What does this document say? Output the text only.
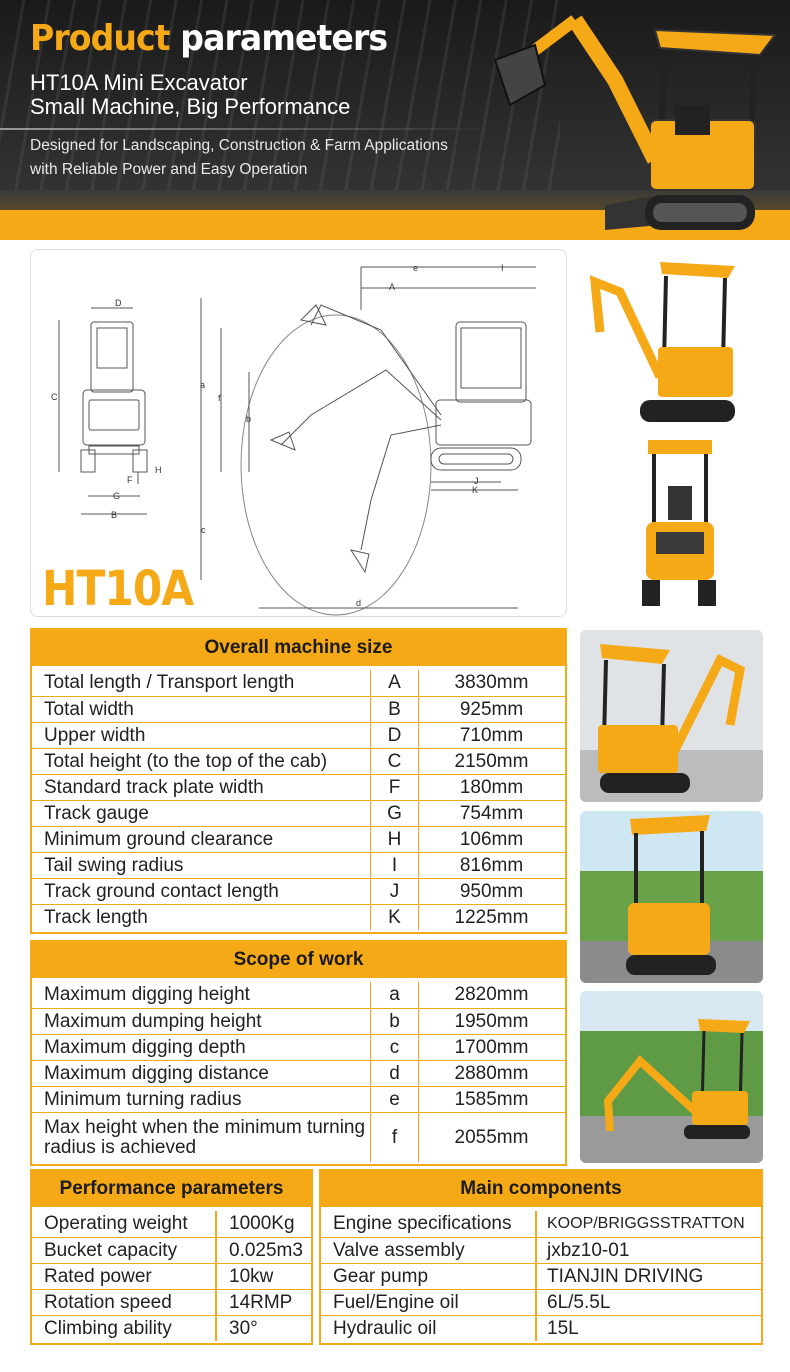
Product parameters
HT10A Mini Excavator
Small Machine, Big Performance
Designed for Landscaping, Construction & Farm Applications
with Reliable Power and Easy Operation
D
C
H
F
G
B
e	I
A
a
f
b
c
d
J
K
HT10A
Overall machine size
Total length / Transport length	A	3830mm
Total width	B	925mm
Upper width	D	710mm
Total height (to the top of the cab)	C	2150mm
Standard track plate width	F	180mm
Track gauge	G	754mm
Minimum ground clearance	H	106mm
Tail swing radius	I	816mm
Track ground contact length	J	950mm
Track length	K	1225mm
Scope of work
Maximum digging height	a	2820mm
Maximum dumping height	b	1950mm
Maximum digging depth	c	1700mm
Maximum digging distance	d	2880mm
Minimum turning radius	e	1585mm
Max height when the minimum turning radius is achieved	f	2055mm
Performance parameters
Operating weight	1000Kg
Bucket capacity	0.025m3
Rated power	10kw
Rotation speed	14RMP
Climbing ability	30°
Main components
Engine specifications	KOOP/BRIGGSSTRATTON
Valve assembly	jxbz10-01
Gear pump	TIANJIN DRIVING
Fuel/Engine oil	6L/5.5L
Hydraulic oil	15L
